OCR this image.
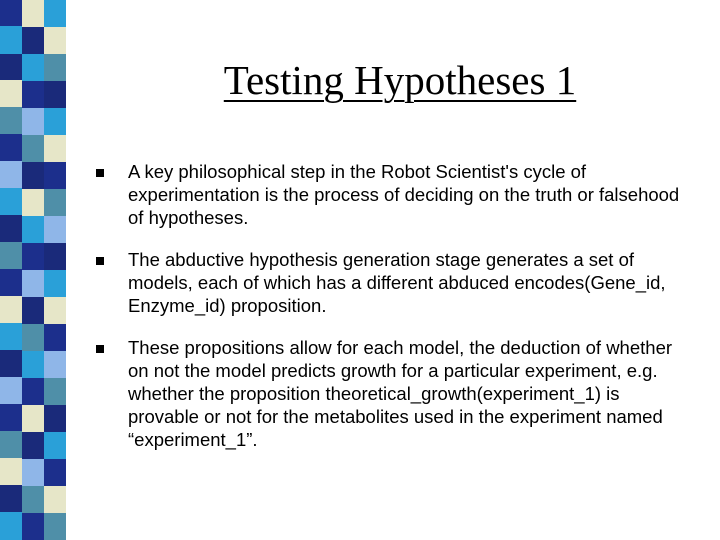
Testing Hypotheses 1
A key philosophical step in the Robot Scientist's cycle of experimentation is the process of deciding on the truth or falsehood of hypotheses.
The abductive hypothesis generation stage generates a set of models, each of which has a different abduced encodes(Gene_id, Enzyme_id) proposition.
These propositions allow for each model, the deduction of whether on not the model predicts growth for a particular experiment, e.g. whether the proposition theoretical_growth(experiment_1) is provable or not for the metabolites used in the experiment named “experiment_1”.
